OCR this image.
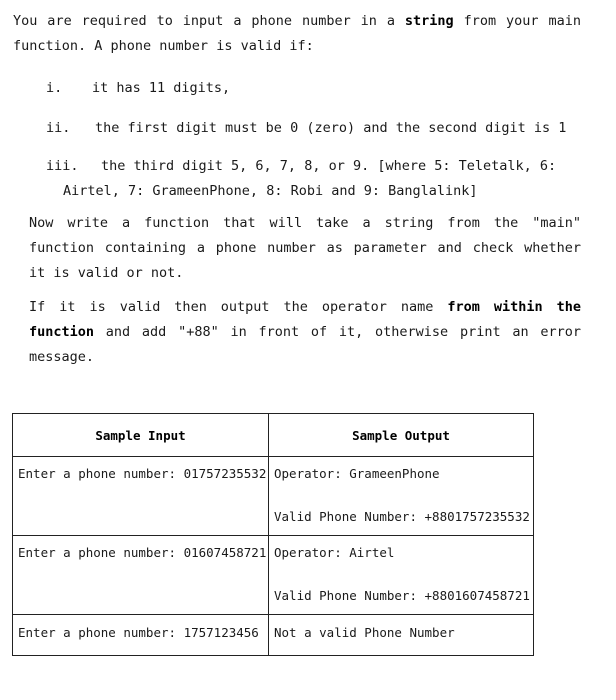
You are required to input a phone number in a string from your main function. A phone number is valid if:
i. it has 11 digits,
ii. the first digit must be 0 (zero) and the second digit is 1
iii. the third digit 5, 6, 7, 8, or 9. [where 5: Teletalk, 6:
Airtel, 7: GrameenPhone, 8: Robi and 9: Banglalink]
Now write a function that will take a string from the "main" function containing a phone number as parameter and check whether it is valid or not.
If it is valid then output the operator name from within the function and add "+88" in front of it, otherwise print an error message.
Sample Input	Sample Output

Enter a phone number: 01757235532	Operator: GrameenPhone
Valid Phone Number: +8801757235532

Enter a phone number: 01607458721	Operator: Airtel
Valid Phone Number: +8801607458721

Enter a phone number: 1757123456	Not a valid Phone Number
